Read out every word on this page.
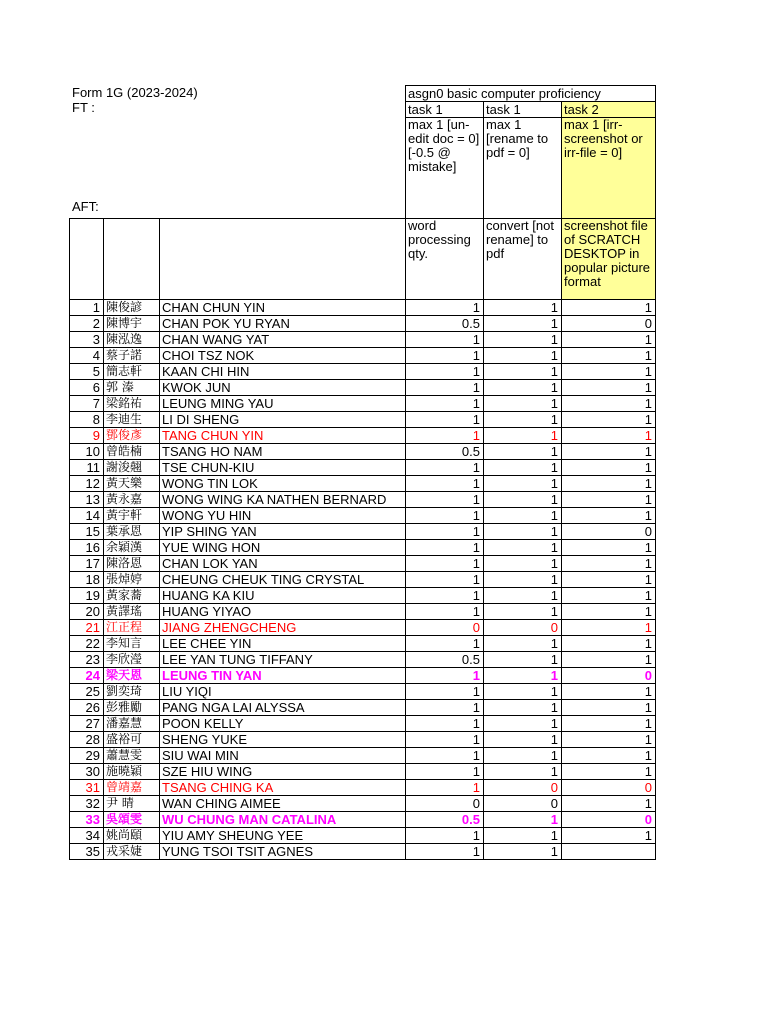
Form 1G (2023-2024)
FT :
AFT:
			asgn0 basic computer proficiency		
			task 1	task 1	task 2
			max 1 [un-edit doc = 0] [-0.5 @ mistake]	max 1 [rename to pdf = 0]	max 1 [irr-screenshot or irr-file = 0]
			word processing qty.	convert [not rename] to pdf	screenshot file of SCRATCH DESKTOP in popular picture format
1	陳俊諺	CHAN CHUN YIN	1	1	1
2	陳博宇	CHAN POK YU RYAN	0.5	1	0
3	陳泓逸	CHAN WANG YAT	1	1	1
4	蔡子諾	CHOI TSZ NOK	1	1	1
5	簡志軒	KAAN CHI HIN	1	1	1
6	郭 溱	KWOK JUN	1	1	1
7	梁銘祐	LEUNG MING YAU	1	1	1
8	李迪生	LI DI SHENG	1	1	1
9	鄧俊彥	TANG CHUN YIN	1	1	1
10	曾皓楠	TSANG HO NAM	0.5	1	1
11	謝浚翹	TSE CHUN-KIU	1	1	1
12	黃天樂	WONG TIN LOK	1	1	1
13	黃永嘉	WONG WING KA NATHEN BERNARD	1	1	1
14	黃宇軒	WONG YU HIN	1	1	1
15	葉承恩	YIP SHING YAN	1	1	0
16	余穎漢	YUE WING HON	1	1	1
17	陳洛恩	CHAN LOK YAN	1	1	1
18	張焯婷	CHEUNG CHEUK TING CRYSTAL	1	1	1
19	黃家蕎	HUANG KA KIU	1	1	1
20	黃譯瑤	HUANG YIYAO	1	1	1
21	江正程	JIANG ZHENGCHENG	0	0	1
22	李知言	LEE CHEE YIN	1	1	1
23	李欣瀅	LEE YAN TUNG TIFFANY	0.5	1	1
24	梁天恩	LEUNG TIN YAN	1	1	0
25	劉奕琦	LIU YIQI	1	1	1
26	彭雅勵	PANG NGA LAI ALYSSA	1	1	1
27	潘嘉慧	POON KELLY	1	1	1
28	盛裕可	SHENG YUKE	1	1	1
29	蕭慧雯	SIU WAI MIN	1	1	1
30	施曉穎	SZE HIU WING	1	1	1
31	曾靖嘉	TSANG CHING KA	1	0	0
32	尹 晴	WAN CHING AIMEE	0	0	1
33	吳頌雯	WU CHUNG MAN CATALINA	0.5	1	0
34	姚尚頤	YIU AMY SHEUNG YEE	1	1	1
35	戎采婕	YUNG TSOI TSIT AGNES	1	1	
